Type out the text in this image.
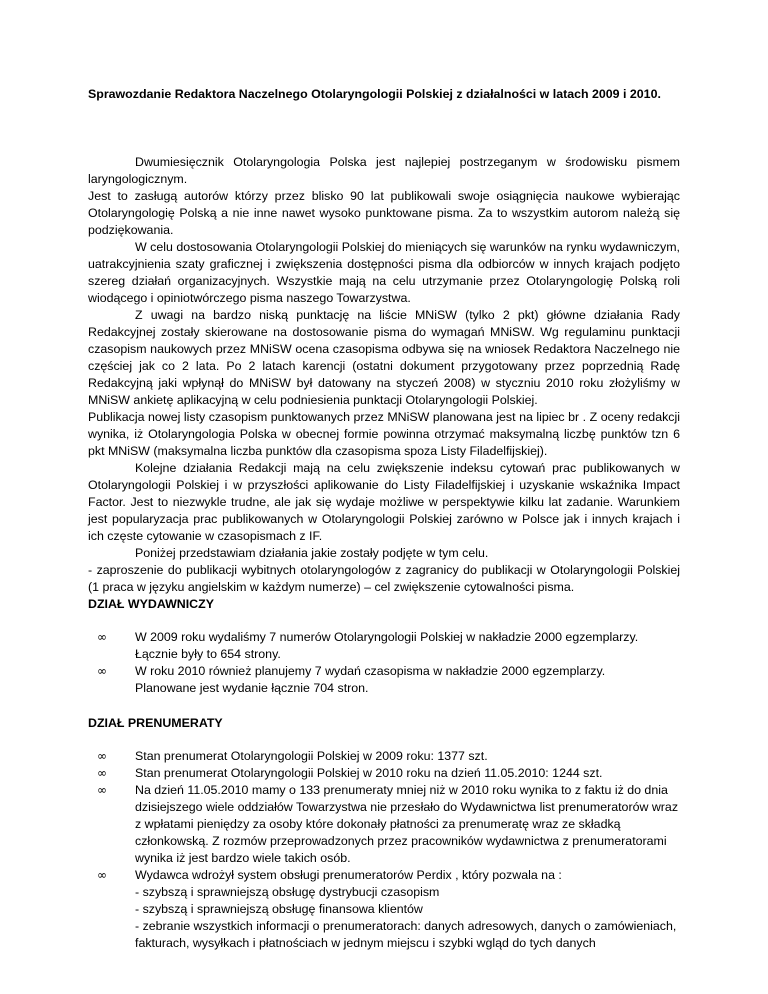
Sprawozdanie Redaktora Naczelnego Otolaryngologii Polskiej z działalności w latach 2009 i 2010.

Dwumiesięcznik Otolaryngologia Polska jest najlepiej postrzeganym w środowisku pismem laryngologicznym.

Jest to zasługą autorów którzy przez blisko 90 lat publikowali swoje osiągnięcia naukowe wybierając Otolaryngologię Polską a nie inne nawet wysoko punktowane pisma. Za to wszystkim autorom należą się podziękowania.

W celu dostosowania Otolaryngologii Polskiej do mieniących się warunków na rynku wydawniczym, uatrakcyjnienia szaty graficznej i zwiększenia dostępności pisma dla odbiorców w innych krajach podjęto szereg działań organizacyjnych. Wszystkie mają na celu utrzymanie przez Otolaryngologię Polską roli wiodącego i opiniotwórczego pisma naszego Towarzystwa.

Z uwagi na bardzo niską punktację na liście MNiSW (tylko 2 pkt) główne działania Rady Redakcyjnej zostały skierowane na dostosowanie pisma do wymagań MNiSW. Wg regulaminu punktacji czasopism naukowych przez MNiSW ocena czasopisma odbywa się na wniosek Redaktora Naczelnego nie częściej jak co 2 lata. Po 2 latach karencji (ostatni dokument przygotowany przez poprzednią Radę Redakcyjną jaki wpłynął do MNiSW był datowany na styczeń 2008) w styczniu 2010 roku złożyliśmy w MNiSW ankietę aplikacyjną w celu podniesienia punktacji Otolaryngologii Polskiej.

Publikacja nowej listy czasopism punktowanych przez MNiSW planowana jest na lipiec br . Z oceny redakcji wynika, iż Otolaryngologia Polska w obecnej formie powinna otrzymać maksymalną liczbę punktów tzn 6 pkt MNiSW (maksymalna liczba punktów dla czasopisma spoza Listy Filadelfijskiej).

Kolejne działania Redakcji mają na celu zwiększenie indeksu cytowań prac publikowanych w Otolaryngologii Polskiej i w przyszłości aplikowanie do Listy Filadelfijskiej i uzyskanie wskaźnika Impact Factor. Jest to niezwykle trudne, ale jak się wydaje możliwe w perspektywie kilku lat zadanie. Warunkiem jest popularyzacja prac publikowanych w Otolaryngologii Polskiej zarówno w Polsce jak i innych krajach i ich częste cytowanie w czasopismach z IF.

Poniżej przedstawiam działania jakie zostały podjęte w tym celu.

- zaproszenie do publikacji wybitnych otolaryngologów z zagranicy do publikacji w Otolaryngologii Polskiej (1 praca w języku angielskim w każdym numerze) – cel zwiększenie cytowalności pisma.

DZIAŁ WYDAWNICZY

∞ W 2009 roku wydaliśmy 7 numerów Otolaryngologii Polskiej w nakładzie 2000 egzemplarzy.
Łącznie były to 654 strony.
∞ W roku 2010 również planujemy 7 wydań czasopisma w nakładzie 2000 egzemplarzy.
Planowane jest wydanie łącznie 704 stron.

DZIAŁ PRENUMERATY

∞ Stan prenumerat Otolaryngologii Polskiej w 2009 roku: 1377 szt.
∞ Stan prenumerat Otolaryngologii Polskiej w 2010 roku na dzień 11.05.2010: 1244 szt.
∞ Na dzień 11.05.2010 mamy o 133 prenumeraty mniej niż w 2010 roku wynika to z faktu iż do dnia dzisiejszego wiele oddziałów Towarzystwa nie przesłało do Wydawnictwa list prenumeratorów wraz z wpłatami pieniędzy za osoby które dokonały płatności za prenumeratę wraz ze składką członkowską. Z rozmów przeprowadzonych przez pracowników wydawnictwa z prenumeratorami wynika iż jest bardzo wiele takich osób.
∞ Wydawca wdrożył system obsługi prenumeratorów Perdix , który pozwala na :
- szybszą i sprawniejszą obsługę dystrybucji czasopism
- szybszą i sprawniejszą obsługę finansowa klientów
- zebranie wszystkich informacji o prenumeratorach: danych adresowych, danych o zamówieniach, fakturach, wysyłkach i płatnościach w jednym miejscu i szybki wgląd do tych danych
